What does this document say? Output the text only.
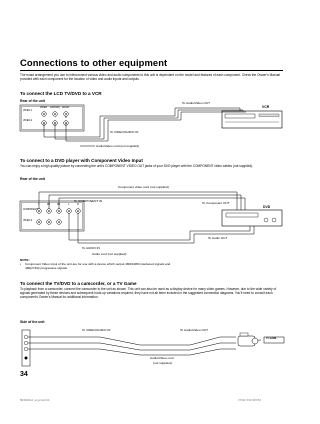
Connections to other equipment
The exact arrangement you use to interconnect various video and audio components to this unit is dependent on the model and features of each component. Check the Owner's Manual provided with each component for the location of video and audio inputs and outputs.
To connect the LCD TV/DVD to a VCR
Rear of the unit
VIDEO-1
VIDEO-2
VIDEO L(MONO) AUDIO
R
VCR
To Audio/Video OUT
To VIDEO/AUDIO IN
Audio/Video cord (not supplied)
To connect to a DVD player with Component Video Input
You can enjoy a high quality picture by connecting the unit's COMPONENT VIDEO OUT jacks of your DVD player with the COMPONENT video cables (not supplied).
Rear of the unit
Component video cord (not supplied)
To COMPONENT IN	To Component OUT
DVD
To Audio OUT
To AUDIO IN
Audio cord (not supplied)
COMPONENT
VIDEO-2
Y	PB	PR	L	R
NOTE:
•	Component Video input of the unit are for use with a device which output 480i/1080i interlaced signals and 480p/720p progressive signals.
To connect the TV/DVD to a camcorder, or a TV Game
To playback from a camcorder, connect the camcorder to the unit as shown. This unit can also be used as a display device for many video games. However, due to the wide variety of signals generated by these devices and subsequent hook-up variations required, they have not all been included in the suggested connection diagrams. You'll need to consult each component's Owner's Manual for additional information.
Side of the unit
To VIDEO/AUDIO IN	To Audio/Video OUT
Audio/Video cord
(not supplied)
or TV GAME
34
5R20201A_eng.indd 34	7/6/11 5:52:08 PM
